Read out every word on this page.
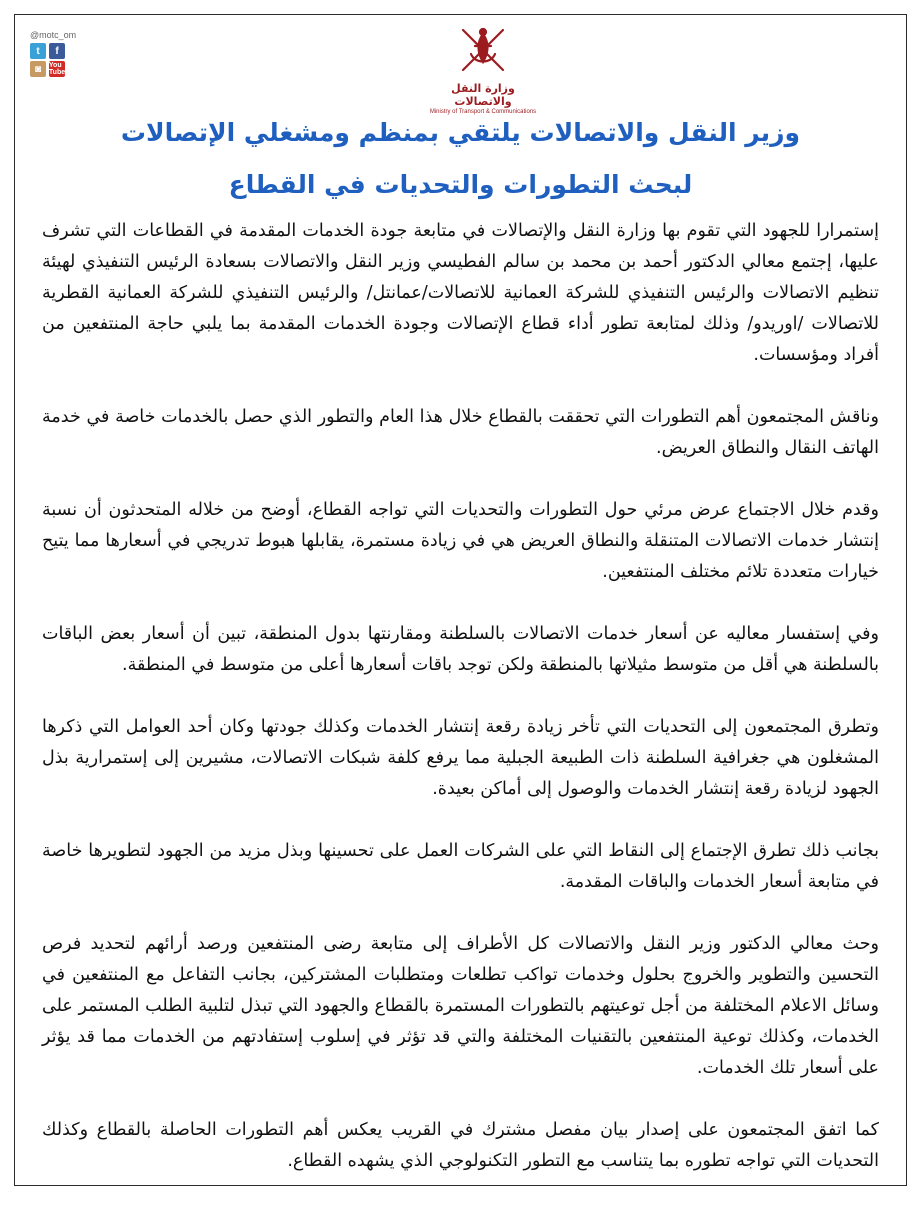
@motc_om
t	f
◙	You Tube
وزارة النقل والاتصالات
Ministry of Transport & Communications
وزير النقل والاتصالات يلتقي بمنظم ومشغلي الإتصالات
لبحث التطورات والتحديات في القطاع

إستمرارا للجهود التي تقوم بها وزارة النقل والإتصالات في متابعة جودة الخدمات المقدمة في القطاعات التي تشرف عليها، إجتمع معالي الدكتور أحمد بن محمد بن سالم الفطيسي وزير النقل والاتصالات بسعادة الرئيس التنفيذي لهيئة تنظيم الاتصالات والرئيس التنفيذي للشركة العمانية للاتصالات/عمانتل/ والرئيس التنفيذي للشركة العمانية القطرية للاتصالات /اوريدو/ وذلك لمتابعة تطور أداء قطاع الإتصالات وجودة الخدمات المقدمة بما يلبي حاجة المنتفعين من أفراد ومؤسسات.

وناقش المجتمعون أهم التطورات التي تحققت بالقطاع خلال هذا العام والتطور الذي حصل بالخدمات خاصة في خدمة الهاتف النقال والنطاق العريض.

وقدم خلال الاجتماع عرض مرئي حول التطورات والتحديات التي تواجه القطاع، أوضح من خلاله المتحدثون أن نسبة إنتشار خدمات الاتصالات المتنقلة والنطاق العريض هي في زيادة مستمرة، يقابلها هبوط تدريجي في أسعارها مما يتيح خيارات متعددة تلائم مختلف المنتفعين.

وفي إستفسار معاليه عن أسعار خدمات الاتصالات بالسلطنة ومقارنتها بدول المنطقة، تبين أن أسعار بعض الباقات بالسلطنة هي أقل من متوسط مثيلاتها بالمنطقة ولكن توجد باقات أسعارها أعلى من متوسط في المنطقة.

وتطرق المجتمعون إلى التحديات التي تأخر زيادة رقعة إنتشار الخدمات وكذلك جودتها وكان أحد العوامل التي ذكرها المشغلون هي جغرافية السلطنة ذات الطبيعة الجبلية مما يرفع كلفة شبكات الاتصالات، مشيرين إلى إستمرارية بذل الجهود لزيادة رقعة إنتشار الخدمات والوصول إلى أماكن بعيدة.

بجانب ذلك تطرق الإجتماع إلى النقاط التي على الشركات العمل على تحسينها وبذل مزيد من الجهود لتطويرها خاصة في متابعة أسعار الخدمات والباقات المقدمة.

وحث معالي الدكتور وزير النقل والاتصالات كل الأطراف إلى متابعة رضى المنتفعين ورصد أرائهم لتحديد فرص التحسين والتطوير والخروج بحلول وخدمات تواكب تطلعات ومتطلبات المشتركين، بجانب التفاعل مع المنتفعين في وسائل الاعلام المختلفة من أجل توعيتهم بالتطورات المستمرة بالقطاع والجهود التي تبذل لتلبية الطلب المستمر على الخدمات، وكذلك توعية المنتفعين بالتقنيات المختلفة والتي قد تؤثر في إسلوب إستفادتهم من الخدمات مما قد يؤثر على أسعار تلك الخدمات.

كما اتفق المجتمعون على إصدار بيان مفصل مشترك في القريب يعكس أهم التطورات الحاصلة بالقطاع وكذلك التحديات التي تواجه تطوره بما يتناسب مع التطور التكنولوجي الذي يشهده القطاع.
